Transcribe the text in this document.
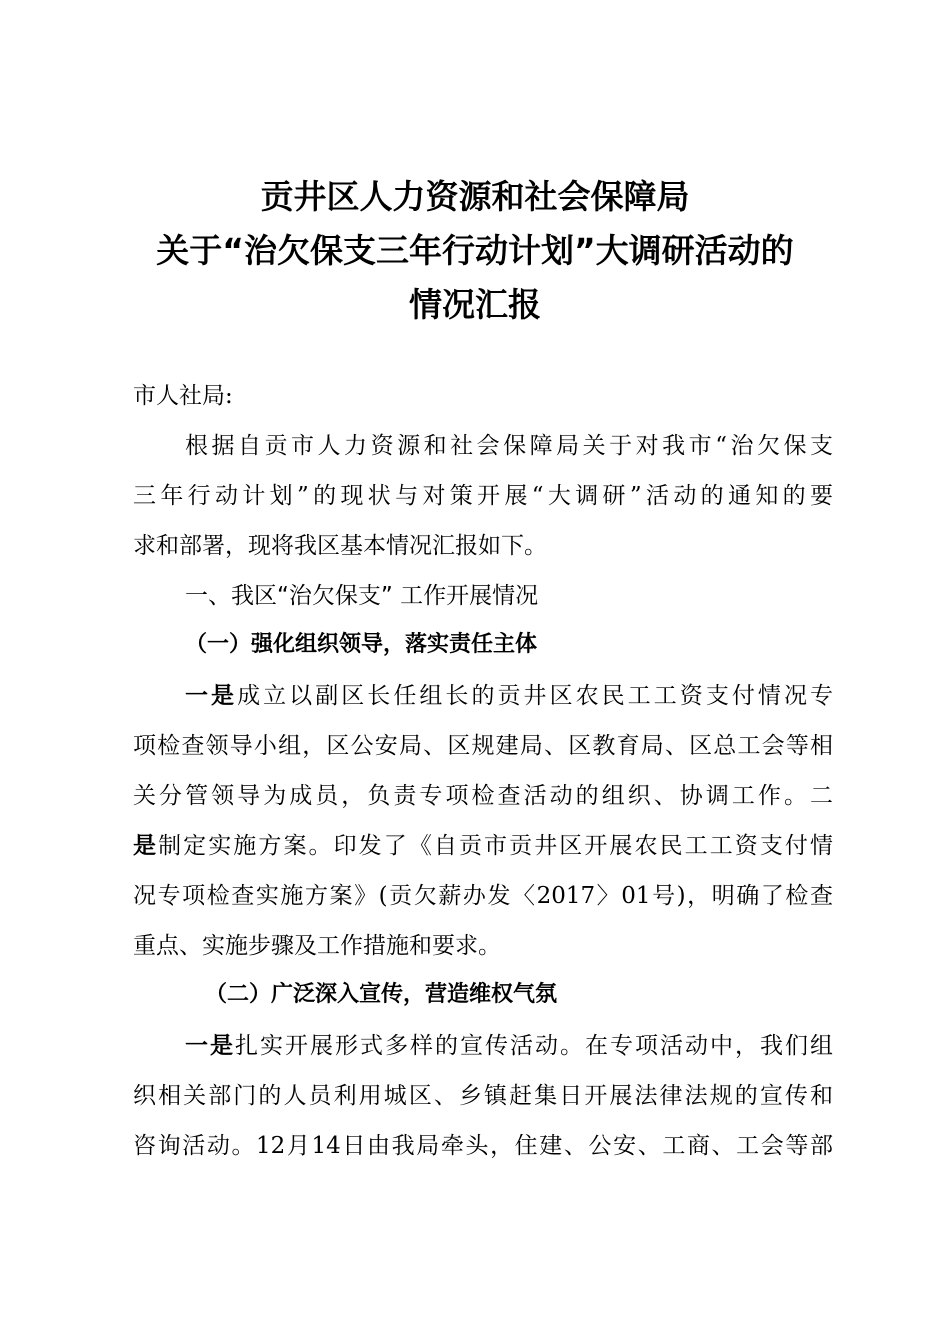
贡井区人力资源和社会保障局
关于“治欠保支三年行动计划”大调研活动的
情况汇报
市人社局:
根据自贡市人力资源和社会保障局关于对我市“治欠保支
三年行动计划”的现状与对策开展“大调研”活动的通知的要
求和部署，现将我区基本情况汇报如下。
一、我区“治欠保支” 工作开展情况
（一）强化组织领导，落实责任主体
一是成立以副区长任组长的贡井区农民工工资支付情况专
项检查领导小组，区公安局、区规建局、区教育局、区总工会等相
关分管领导为成员，负责专项检查活动的组织、协调工作。二
是制定实施方案。印发了《自贡市贡井区开展农民工工资支付情
况专项检查实施方案》(贡欠薪办发〈2017〉01号)，明确了检查
重点、实施步骤及工作措施和要求。
（二）广泛深入宣传，营造维权气氛
一是扎实开展形式多样的宣传活动。在专项活动中，我们组
织相关部门的人员利用城区、乡镇赶集日开展法律法规的宣传和
咨询活动。12月14日由我局牵头，住建、公安、工商、工会等部
